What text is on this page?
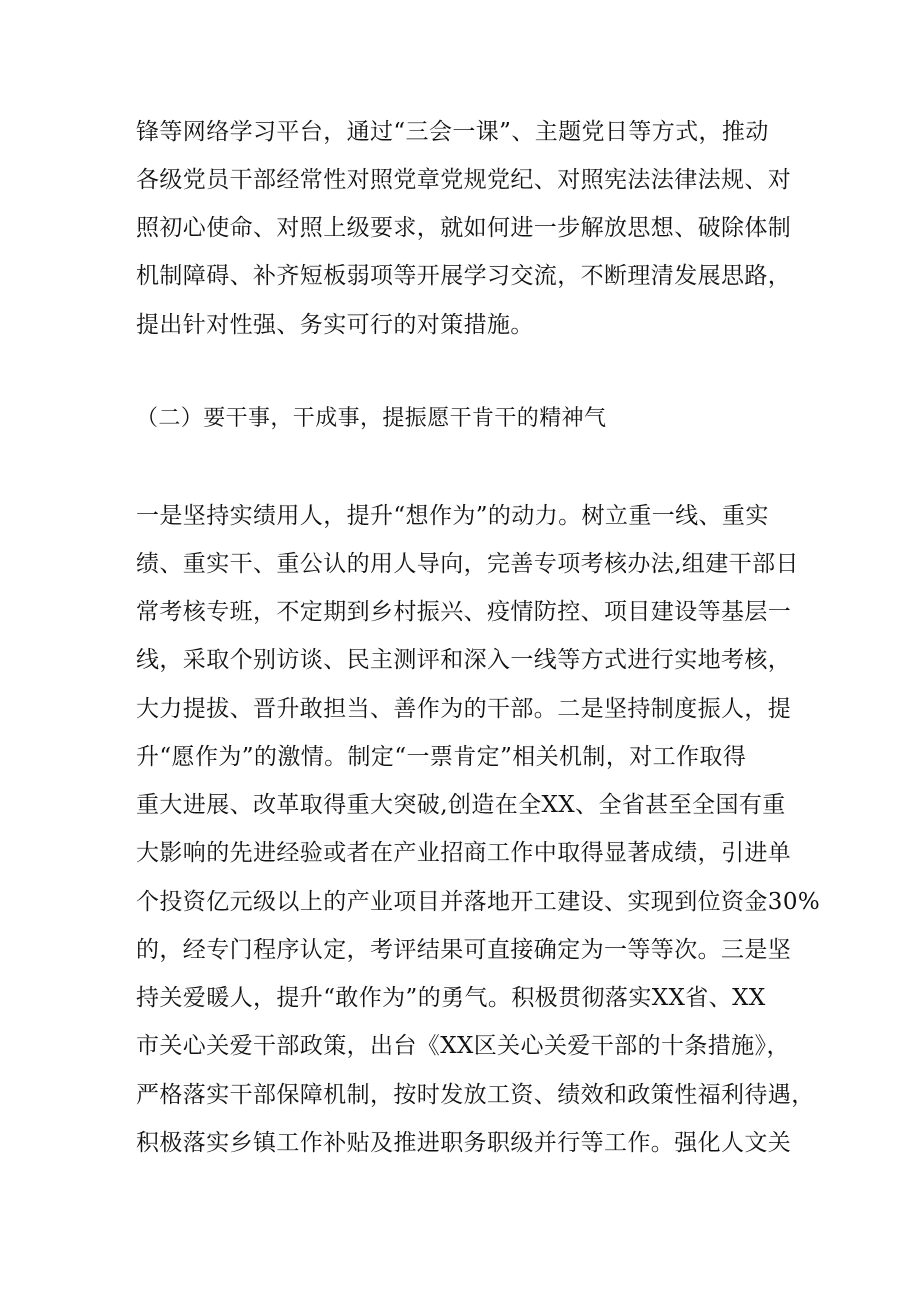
锋等网络学习平台，通过“三会一课”、主题党日等方式，推动
各级党员干部经常性对照党章党规党纪、对照宪法法律法规、对
照初心使命、对照上级要求，就如何进一步解放思想、破除体制
机制障碍、补齐短板弱项等开展学习交流，不断理清发展思路，
提出针对性强、务实可行的对策措施。
（二）要干事，干成事，提振愿干肯干的精神气
一是坚持实绩用人，提升“想作为”的动力。树立重一线、重实
绩、重实干、重公认的用人导向，完善专项考核办法,组建干部日
常考核专班，不定期到乡村振兴、疫情防控、项目建设等基层一
线，采取个别访谈、民主测评和深入一线等方式进行实地考核，
大力提拔、晋升敢担当、善作为的干部。二是坚持制度振人，提
升“愿作为”的激情。制定“一票肯定”相关机制，对工作取得
重大进展、改革取得重大突破,创造在全XX、全省甚至全国有重
大影响的先进经验或者在产业招商工作中取得显著成绩，引进单
个投资亿元级以上的产业项目并落地开工建设、实现到位资金30%
的，经专门程序认定，考评结果可直接确定为一等等次。三是坚
持关爱暖人，提升“敢作为”的勇气。积极贯彻落实XX省、XX
市关心关爱干部政策，出台《XX区关心关爱干部的十条措施》，
严格落实干部保障机制，按时发放工资、绩效和政策性福利待遇，
积极落实乡镇工作补贴及推进职务职级并行等工作。强化人文关
